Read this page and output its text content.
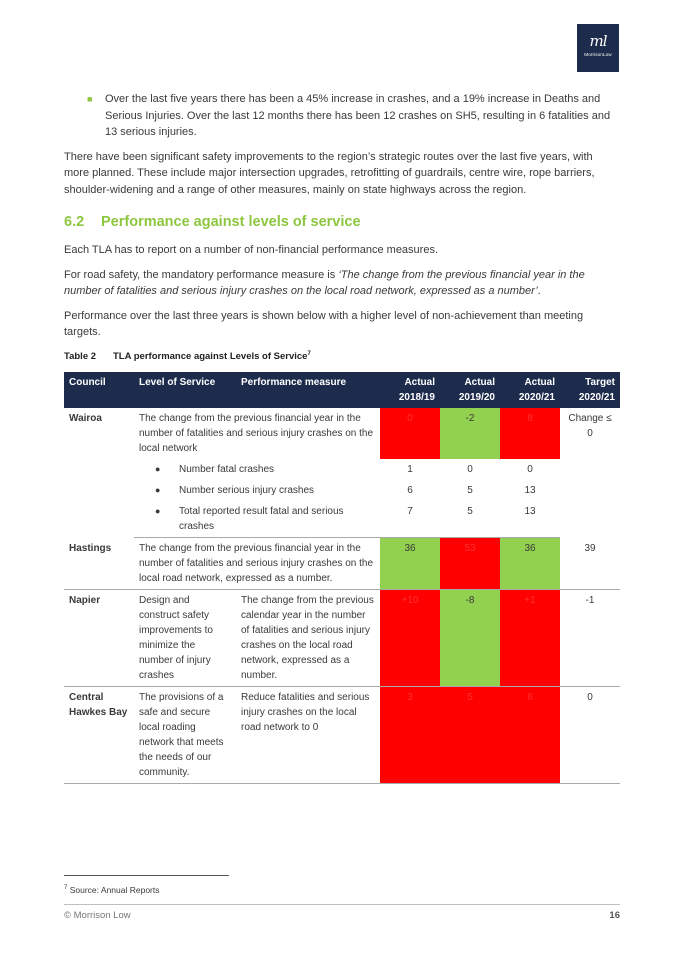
ml
MorrisonLow
■ Over the last five years there has been a 45% increase in crashes, and a 19% increase in Deaths and Serious Injuries. Over the last 12 months there has been 12 crashes on SH5, resulting in 6 fatalities and 13 serious injuries.

There have been significant safety improvements to the region’s strategic routes over the last five years, with more planned. These include major intersection upgrades, retrofitting of guardrails, centre wire, rope barriers, shoulder-widening and a range of other measures, mainly on state highways across the region.

6.2 Performance against levels of service

Each TLA has to report on a number of non-financial performance measures.

For road safety, the mandatory performance measure is ‘The change from the previous financial year in the number of fatalities and serious injury crashes on the local road network, expressed as a number’.

Performance over the last three years is shown below with a higher level of non-achievement than meeting targets.

Table 2 TLA performance against Levels of Service$^7$
Council	Level of Service	Performance measure	Actual 2018/19	Actual 2019/20	Actual 2020/21	Target 2020/21
Wairoa	The change from the previous financial year in the number of fatalities and serious injury crashes on the local network		0	-2	8	Change ≤ 0

	● Number fatal crashes		1	0	0	

	● Number serious injury crashes		6	5	13	

	● Total reported result fatal and serious crashes		7	5	13	
Hastings	The change from the previous financial year in the number of fatalities and serious injury crashes on the local road network, expressed as a number.		36	53	36	39
Napier	Design and construct safety improvements to minimize the number of injury crashes	The change from the previous calendar year in the number of fatalities and serious injury crashes on the local road network, expressed as a number.	+10	-8	+1	-1
Central Hawkes Bay	The provisions of a safe and secure local roading network that meets the needs of our community.	Reduce fatalities and serious injury crashes on the local road network to 0	3	5	6	0
$^7$ Source: Annual Reports
© Morrison Low	16
